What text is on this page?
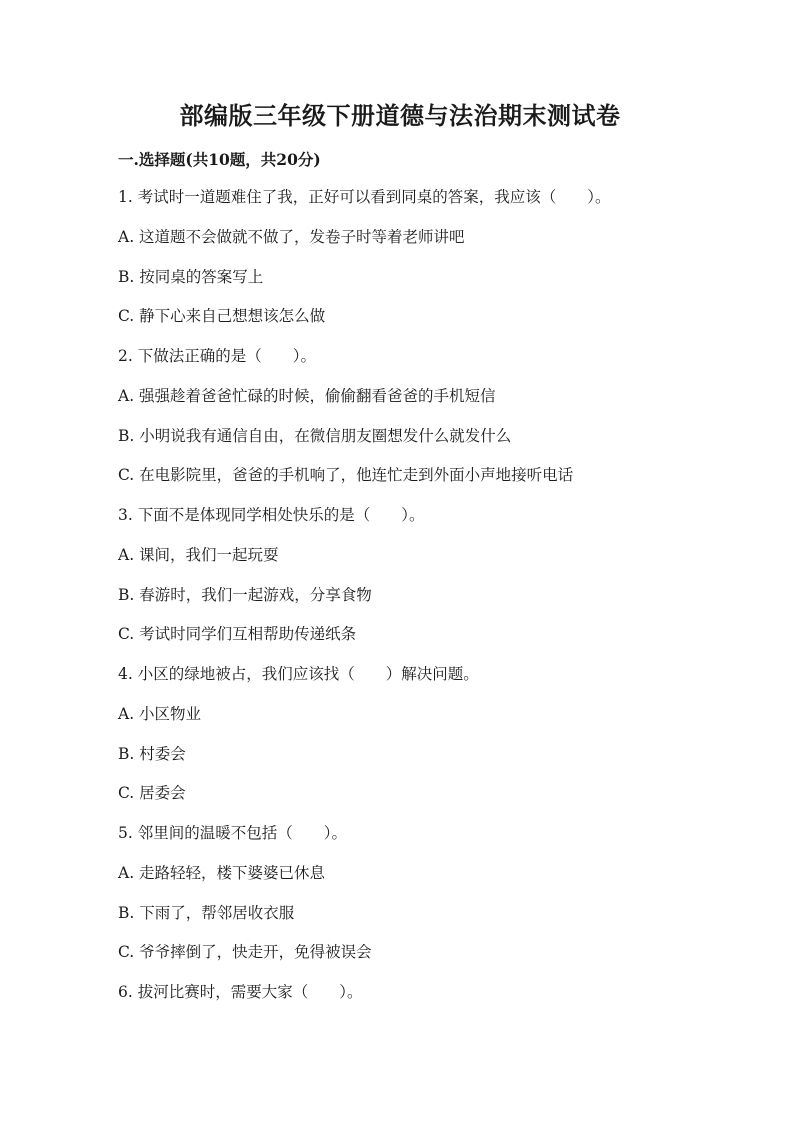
部编版三年级下册道德与法治期末测试卷
一.选择题(共10题，共20分)
1. 考试时一道题难住了我，正好可以看到同桌的答案，我应该（　　）。
A. 这道题不会做就不做了，发卷子时等着老师讲吧
B. 按同桌的答案写上
C. 静下心来自己想想该怎么做
2. 下做法正确的是（　　）。
A. 强强趁着爸爸忙碌的时候，偷偷翻看爸爸的手机短信
B. 小明说我有通信自由，在微信朋友圈想发什么就发什么
C. 在电影院里，爸爸的手机响了，他连忙走到外面小声地接听电话
3. 下面不是体现同学相处快乐的是（　　）。
A. 课间，我们一起玩耍
B. 春游时，我们一起游戏，分享食物
C. 考试时同学们互相帮助传递纸条
4. 小区的绿地被占，我们应该找（　　）解决问题。
A. 小区物业
B. 村委会
C. 居委会
5. 邻里间的温暖不包括（　　）。
A. 走路轻轻，楼下婆婆已休息
B. 下雨了，帮邻居收衣服
C. 爷爷摔倒了，快走开，免得被误会
6. 拔河比赛时，需要大家（　　）。
